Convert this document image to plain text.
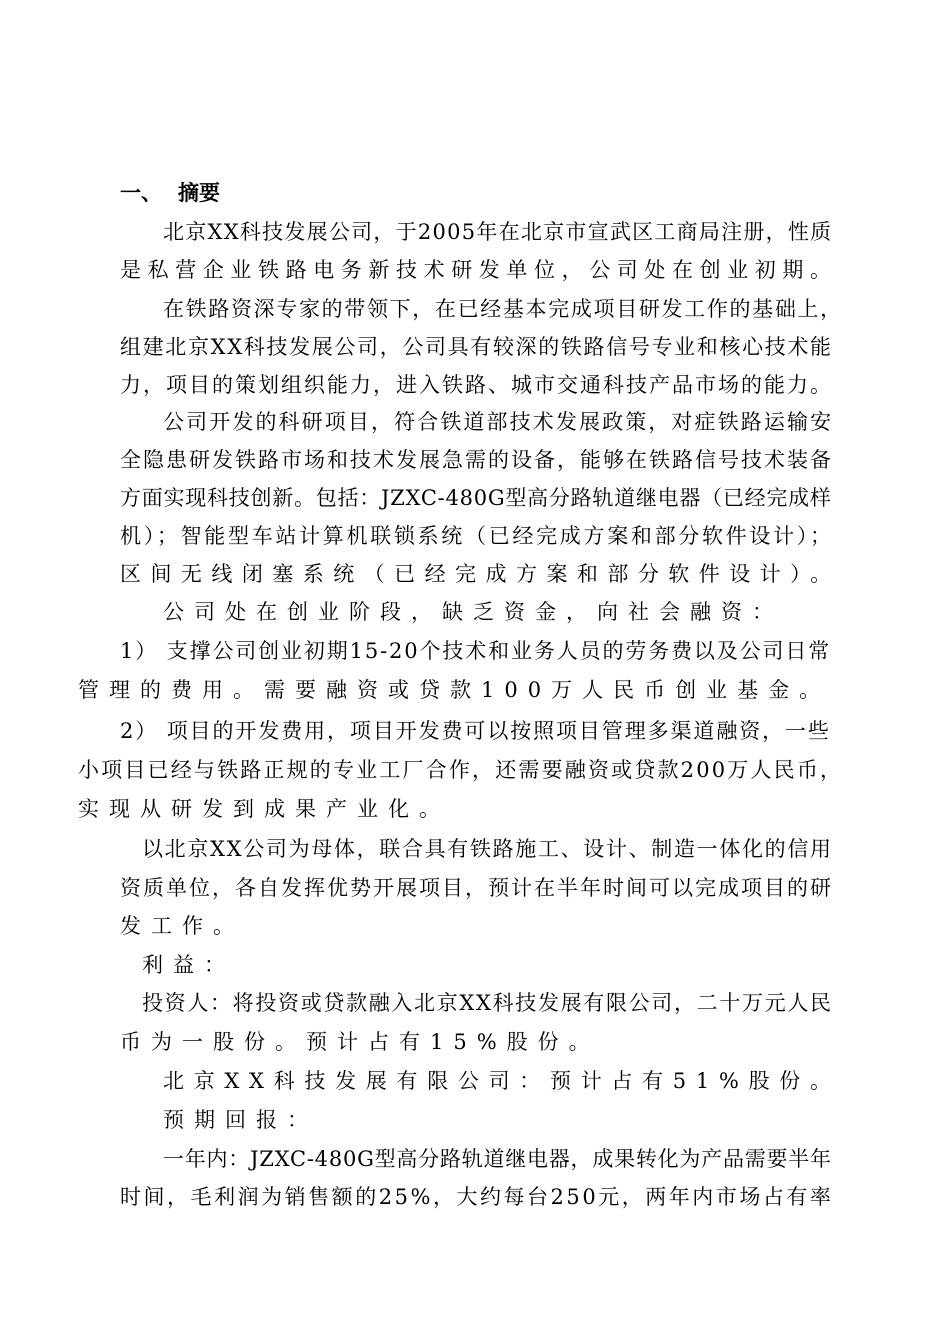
一、 摘要
北京XX科技发展公司，于2005年在北京市宣武区工商局注册，性质
是私营企业铁路电务新技术研发单位，公司处在创业初期。
在铁路资深专家的带领下，在已经基本完成项目研发工作的基础上，
组建北京XX科技发展公司，公司具有较深的铁路信号专业和核心技术能
力，项目的策划组织能力，进入铁路、城市交通科技产品市场的能力。
公司开发的科研项目，符合铁道部技术发展政策，对症铁路运输安
全隐患研发铁路市场和技术发展急需的设备，能够在铁路信号技术装备
方面实现科技创新。包括：JZXC-480G型高分路轨道继电器（已经完成样
机）；智能型车站计算机联锁系统（已经完成方案和部分软件设计）；
区间无线闭塞系统（已经完成方案和部分软件设计）。
公司处在创业阶段，缺乏资金，向社会融资：
1） 支撑公司创业初期15-20个技术和业务人员的劳务费以及公司日常
管理的费用。需要融资或贷款100万人民币创业基金。
2） 项目的开发费用，项目开发费可以按照项目管理多渠道融资，一些
小项目已经与铁路正规的专业工厂合作，还需要融资或贷款200万人民币，
实现从研发到成果产业化。
以北京XX公司为母体，联合具有铁路施工、设计、制造一体化的信用
资质单位，各自发挥优势开展项目，预计在半年时间可以完成项目的研
发工作。
利益：
投资人：将投资或贷款融入北京XX科技发展有限公司，二十万元人民
币为一股份。预计占有15%股份。
北京XX科技发展有限公司：预计占有51%股份。
预期回报：
一年内：JZXC-480G型高分路轨道继电器，成果转化为产品需要半年
时间，毛利润为销售额的25%，大约每台250元，两年内市场占有率
